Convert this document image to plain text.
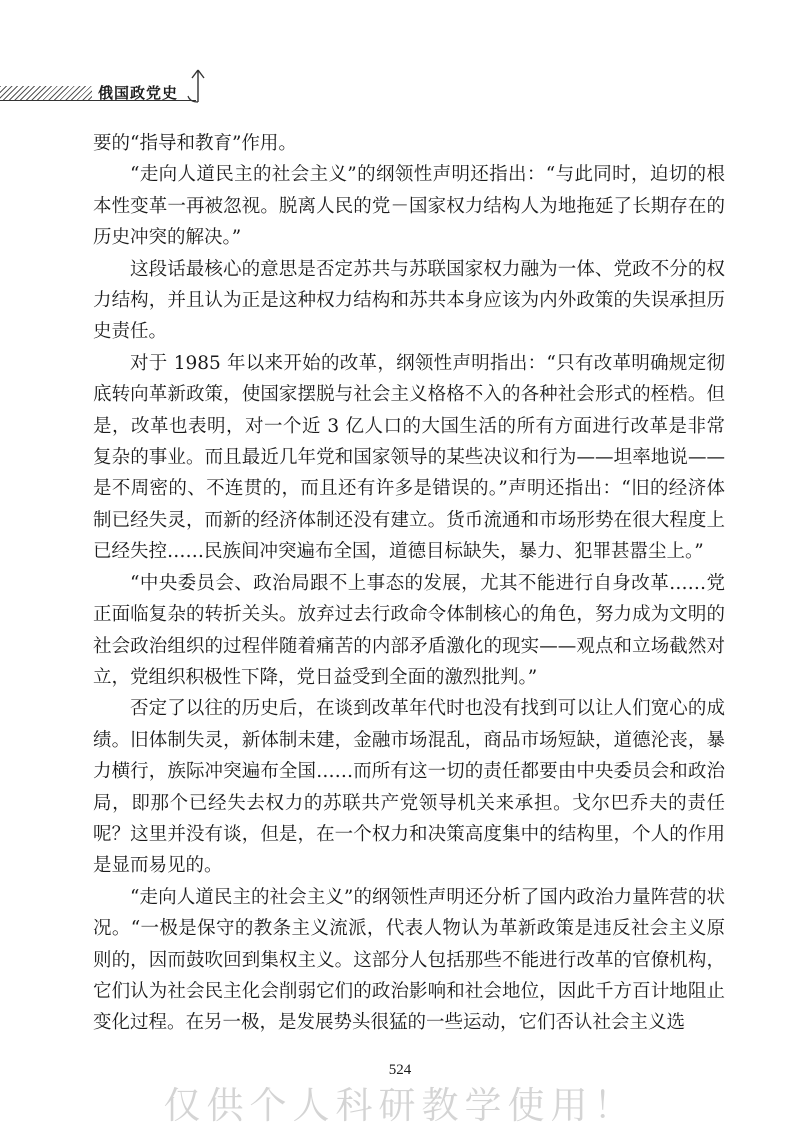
俄国政党史

要的“指导和教育”作用。

“走向人道民主的社会主义”的纲领性声明还指出：“与此同时，迫切的根本性变革一再被忽视。脱离人民的党－国家权力结构人为地拖延了长期存在的历史冲突的解决。”

这段话最核心的意思是否定苏共与苏联国家权力融为一体、党政不分的权力结构，并且认为正是这种权力结构和苏共本身应该为内外政策的失误承担历史责任。

对于 1985 年以来开始的改革，纲领性声明指出：“只有改革明确规定彻底转向革新政策，使国家摆脱与社会主义格格不入的各种社会形式的桎梏。但是，改革也表明，对一个近 3 亿人口的大国生活的所有方面进行改革是非常复杂的事业。而且最近几年党和国家领导的某些决议和行为——坦率地说——是不周密的、不连贯的，而且还有许多是错误的。”声明还指出：“旧的经济体制已经失灵，而新的经济体制还没有建立。货币流通和市场形势在很大程度上已经失控……民族间冲突遍布全国，道德目标缺失，暴力、犯罪甚嚣尘上。”

“中央委员会、政治局跟不上事态的发展，尤其不能进行自身改革……党正面临复杂的转折关头。放弃过去行政命令体制核心的角色，努力成为文明的社会政治组织的过程伴随着痛苦的内部矛盾激化的现实——观点和立场截然对立，党组织积极性下降，党日益受到全面的激烈批判。”

否定了以往的历史后，在谈到改革年代时也没有找到可以让人们宽心的成绩。旧体制失灵，新体制未建，金融市场混乱，商品市场短缺，道德沦丧，暴力横行，族际冲突遍布全国……而所有这一切的责任都要由中央委员会和政治局，即那个已经失去权力的苏联共产党领导机关来承担。戈尔巴乔夫的责任呢？这里并没有谈，但是，在一个权力和决策高度集中的结构里，个人的作用是显而易见的。

“走向人道民主的社会主义”的纲领性声明还分析了国内政治力量阵营的状况。“一极是保守的教条主义流派，代表人物认为革新政策是违反社会主义原则的，因而鼓吹回到集权主义。这部分人包括那些不能进行改革的官僚机构，它们认为社会民主化会削弱它们的政治影响和社会地位，因此千方百计地阻止变化过程。在另一极，是发展势头很猛的一些运动，它们否认社会主义选

524
仅供个人科研教学使用！
